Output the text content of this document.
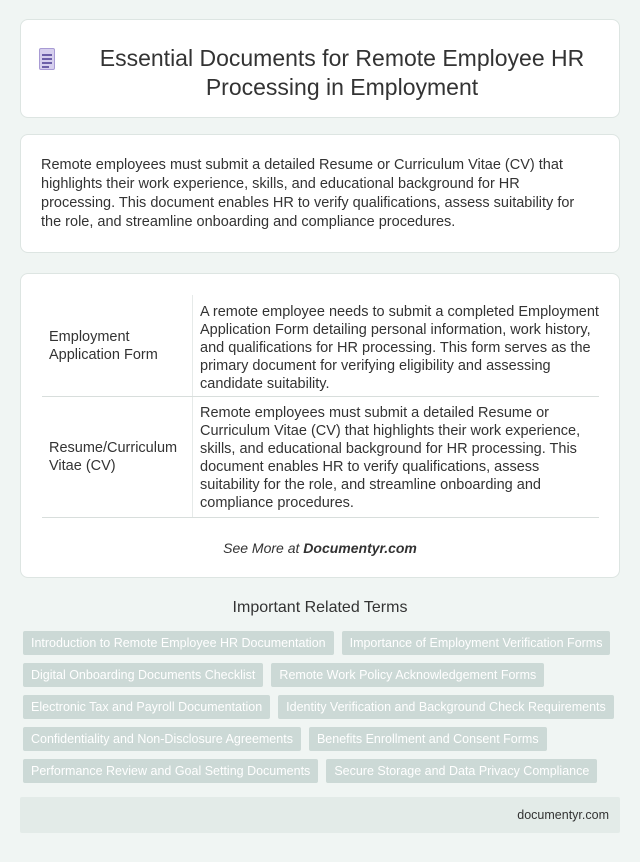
Essential Documents for Remote Employee HR Processing in Employment

Remote employees must submit a detailed Resume or Curriculum Vitae (CV) that highlights their work experience, skills, and educational background for HR processing. This document enables HR to verify qualifications, assess suitability for the role, and streamline onboarding and compliance procedures.

Employment Application Form
A remote employee needs to submit a completed Employment Application Form detailing personal information, work history, and qualifications for HR processing. This form serves as the primary document for verifying eligibility and assessing candidate suitability.
Resume/Curriculum Vitae (CV)
Remote employees must submit a detailed Resume or Curriculum Vitae (CV) that highlights their work experience, skills, and educational background for HR processing. This document enables HR to verify qualifications, assess suitability for the role, and streamline onboarding and compliance procedures.
See More at Documentyr.com
Important Related Terms
Introduction to Remote Employee HR Documentation	Importance of Employment Verification Forms
Digital Onboarding Documents Checklist	Remote Work Policy Acknowledgement Forms
Electronic Tax and Payroll Documentation	Identity Verification and Background Check Requirements
Confidentiality and Non-Disclosure Agreements	Benefits Enrollment and Consent Forms
Performance Review and Goal Setting Documents	Secure Storage and Data Privacy Compliance
documentyr.com
